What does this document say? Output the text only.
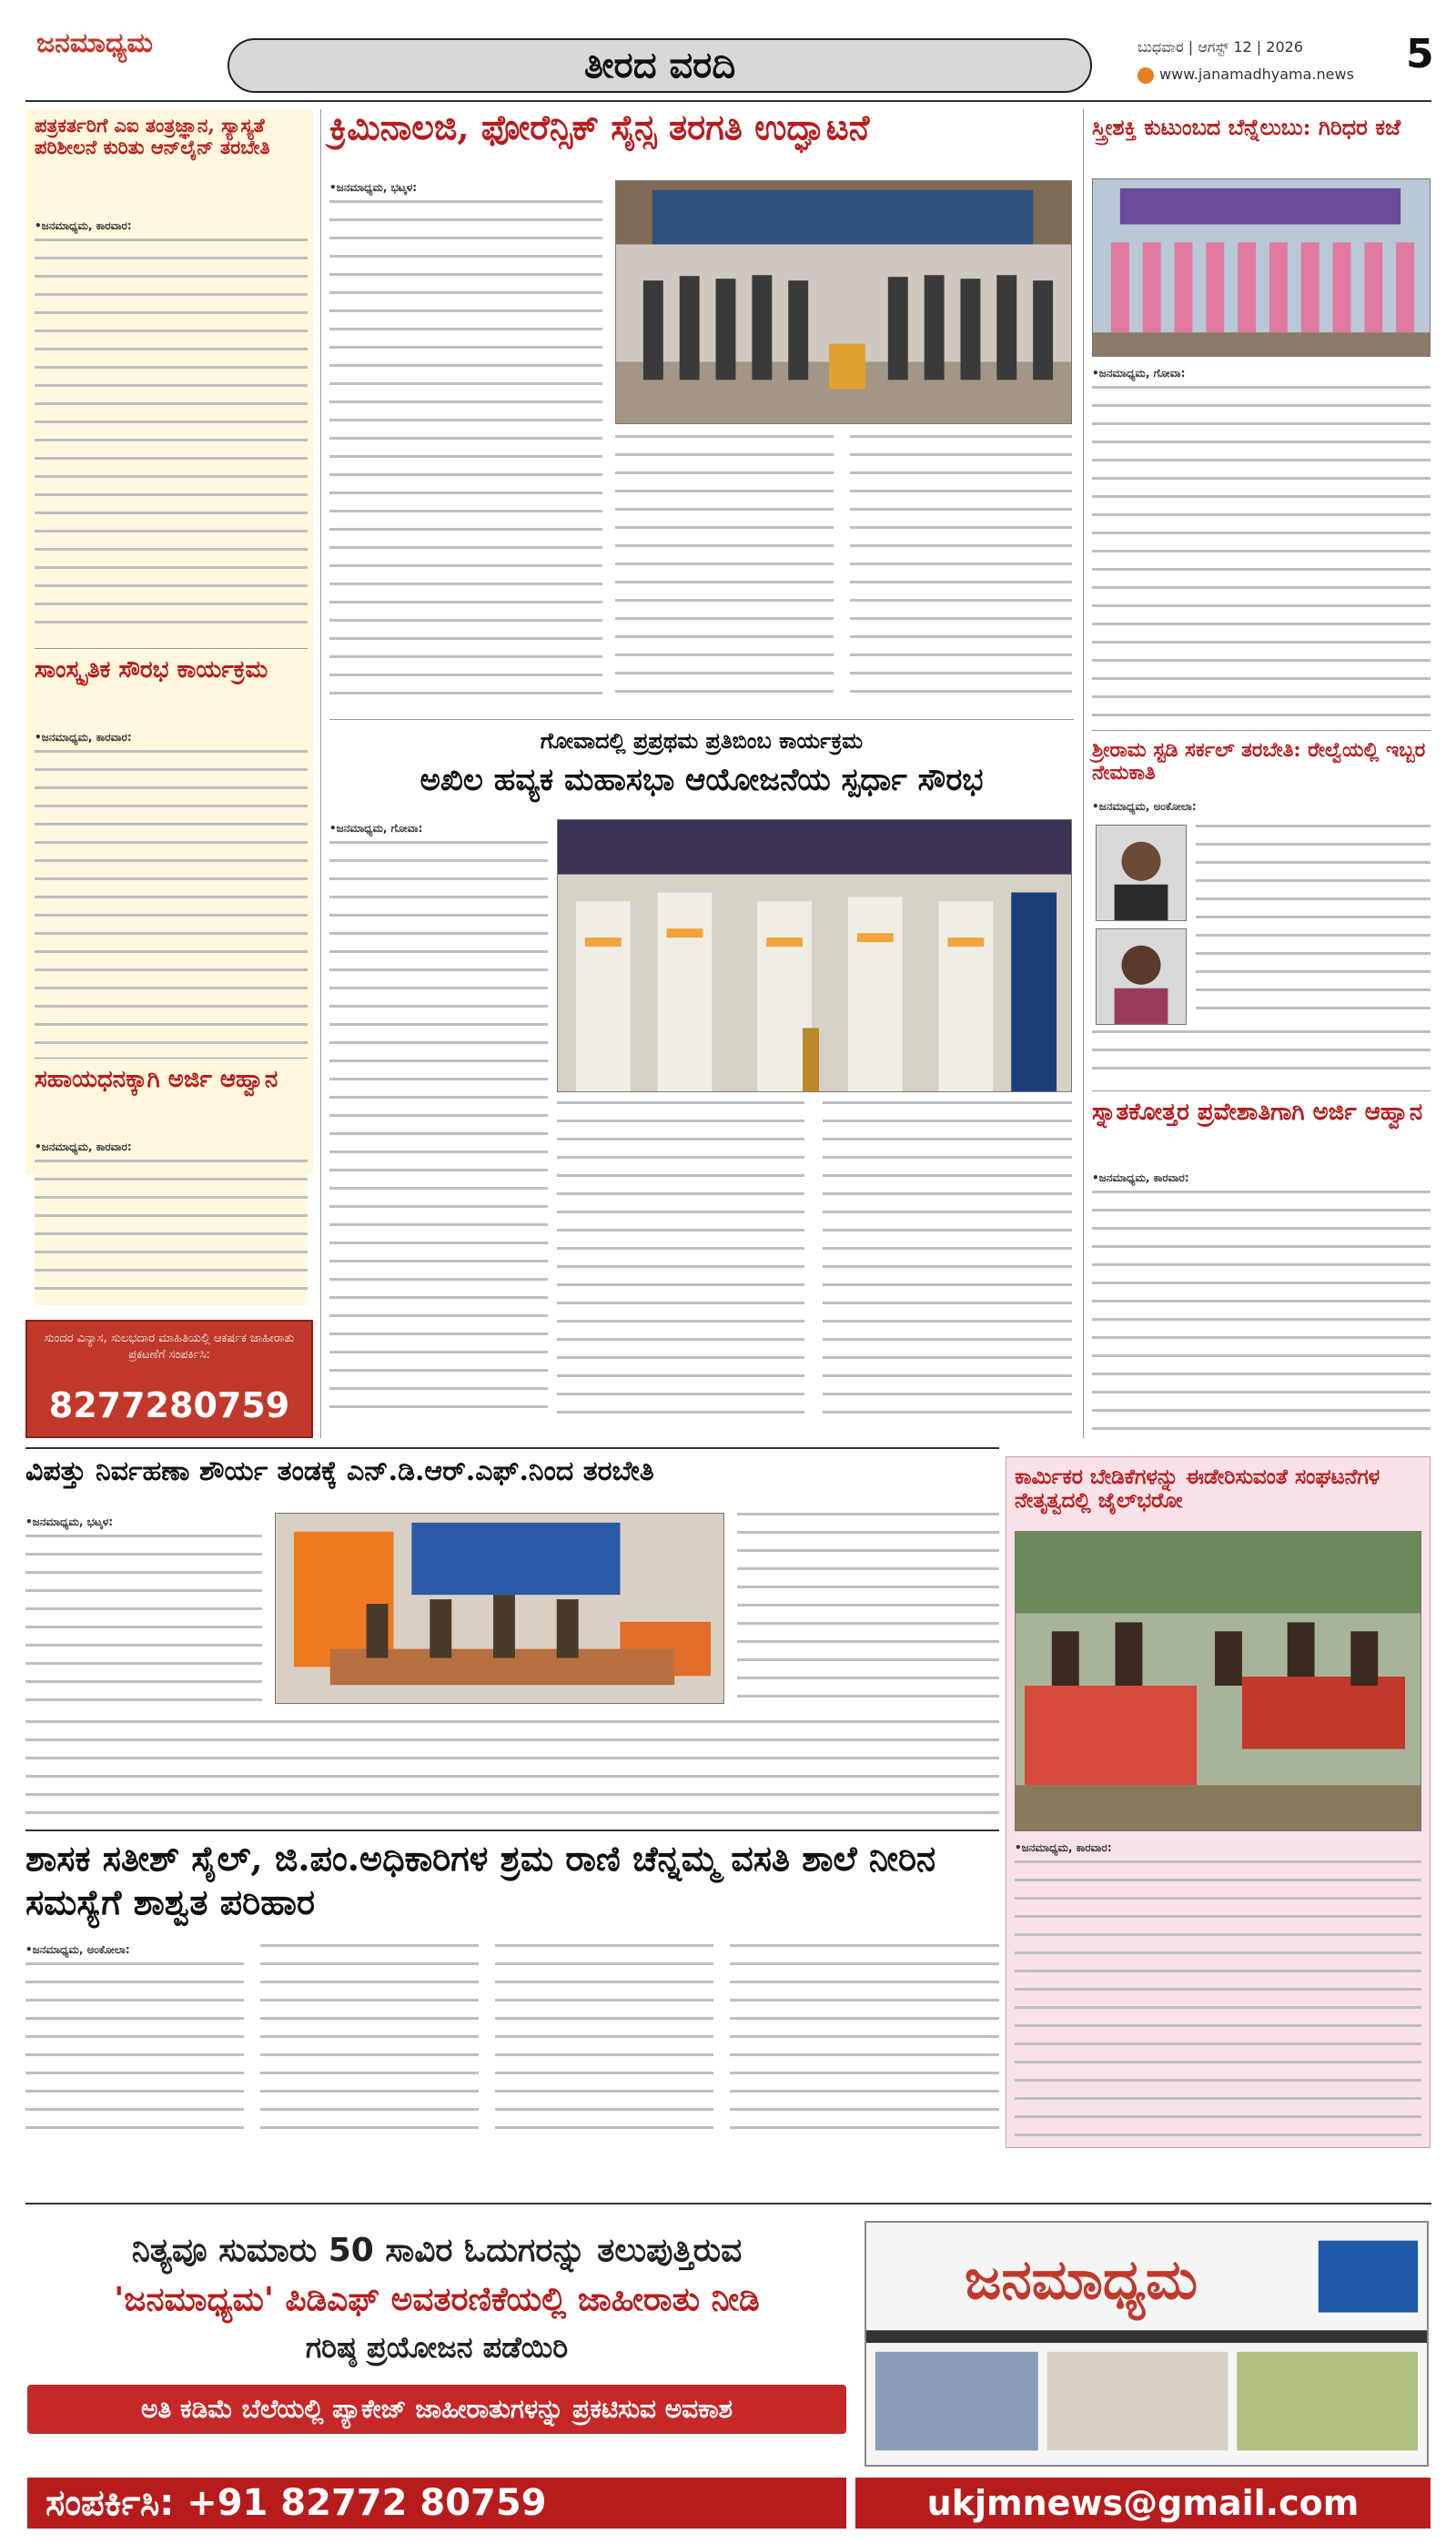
ಜನಮಾಧ್ಯಮ
ತೀರದ ವರದಿ	ಬುಧವಾರ | ಆಗಸ್ಟ್ 12 | 2026	5
www.janamadhyama.news
ಪತ್ರಕರ್ತರಿಗೆ ಎಐ ತಂತ್ರಜ್ಞಾನ, ಸ್ಯಾಸ್ಯತೆ ಪರಿಶೀಲನೆ ಕುರಿತು ಆನ್‌ಲೈನ್ ತರಬೇತಿ
•ಜನಮಾಧ್ಯಮ, ಕಾರವಾರ:
ಸಾಂಸ್ಕೃತಿಕ ಸೌರಭ ಕಾರ್ಯಕ್ರಮ
•ಜನಮಾಧ್ಯಮ, ಕಾರವಾರ:
ಸಹಾಯಧನಕ್ಕಾಗಿ ಅರ್ಜಿ ಆಹ್ವಾನ
•ಜನಮಾಧ್ಯಮ, ಕಾರವಾರ:
ಸುಂದರ ವಿನ್ಯಾಸ, ಸುಲಭದಾರ ಮಾಹಿತಿಯಲ್ಲಿ ಆಕರ್ಷಕ ಜಾಹೀರಾತು ಪ್ರಕಟಣೆಗೆ ಸಂಪರ್ಕಿಸಿ:
8277280759
ಕ್ರಿಮಿನಾಲಜಿ, ಫೋರೆನ್ಸಿಕ್ ಸೈನ್ಸ ತರಗತಿ ಉದ್ಘಾಟನೆ
•ಜನಮಾಧ್ಯಮ, ಭಟ್ಕಳ:
ಸ್ತ್ರೀಶಕ್ತಿ ಕುಟುಂಬದ ಬೆನ್ನೆಲುಬು: ಗಿರಿಧರ ಕಜೆ
•ಜನಮಾಧ್ಯಮ, ಗೋವಾ:
ಶ್ರೀರಾಮ ಸ್ಟಡಿ ಸರ್ಕಲ್ ತರಬೇತಿ: ರೇಲ್ವೆಯಲ್ಲಿ ಇಬ್ಬರ ನೇಮಕಾತಿ
•ಜನಮಾಧ್ಯಮ, ಅಂಕೋಲಾ:
ಸ್ನಾತಕೋತ್ತರ ಪ್ರವೇಶಾತಿಗಾಗಿ ಅರ್ಜಿ ಆಹ್ವಾನ
•ಜನಮಾಧ್ಯಮ, ಕಾರವಾರ:
ಗೋವಾದಲ್ಲಿ ಪ್ರಪ್ರಥಮ ಪ್ರತಿಬಿಂಬ ಕಾರ್ಯಕ್ರಮ
ಅಖಿಲ ಹವ್ಯಕ ಮಹಾಸಭಾ ಆಯೋಜನೆಯ ಸ್ಪರ್ಧಾ ಸೌರಭ
•ಜನಮಾಧ್ಯಮ, ಗೋವಾ:
ವಿಪತ್ತು ನಿರ್ವಹಣಾ ಶೌರ್ಯ ತಂಡಕ್ಕೆ ಎನ್.ಡಿ.ಆರ್.ಎಫ್.ನಿಂದ ತರಬೇತಿ
•ಜನಮಾಧ್ಯಮ, ಭಟ್ಕಳ:
ಕಾರ್ಮಿಕರ ಬೇಡಿಕೆಗಳನ್ನು ಈಡೇರಿಸುವಂತೆ ಸಂಘಟನೆಗಳ ನೇತೃತ್ವದಲ್ಲಿ ಜೈಲ್‌ಭರೋ
•ಜನಮಾಧ್ಯಮ, ಕಾರವಾರ:
ಶಾಸಕ ಸತೀಶ್ ಸೈಲ್, ಜಿ.ಪಂ.ಅಧಿಕಾರಿಗಳ ಶ್ರಮ ರಾಣಿ ಚೆನ್ನಮ್ಮ ವಸತಿ ಶಾಲೆ ನೀರಿನ ಸಮಸ್ಯೆಗೆ ಶಾಶ್ವತ ಪರಿಹಾರ
•ಜನಮಾಧ್ಯಮ, ಅಂಕೋಲಾ:
ನಿತ್ಯವೂ ಸುಮಾರು 50 ಸಾವಿರ ಓದುಗರನ್ನು ತಲುಪುತ್ತಿರುವ
'ಜನಮಾಧ್ಯಮ' ಪಿಡಿಎಫ್ ಅವತರಣಿಕೆಯಲ್ಲಿ ಜಾಹೀರಾತು ನೀಡಿ
ಗರಿಷ್ಠ ಪ್ರಯೋಜನ ಪಡೆಯಿರಿ
ಅತಿ ಕಡಿಮೆ ಬೆಲೆಯಲ್ಲಿ ಪ್ಯಾಕೇಜ್ ಜಾಹೀರಾತುಗಳನ್ನು ಪ್ರಕಟಿಸುವ ಅವಕಾಶ
ಜನಮಾಧ್ಯಮ
ಸಂಪರ್ಕಿಸಿ: +91 82772 80759	ukjmnews@gmail.com
